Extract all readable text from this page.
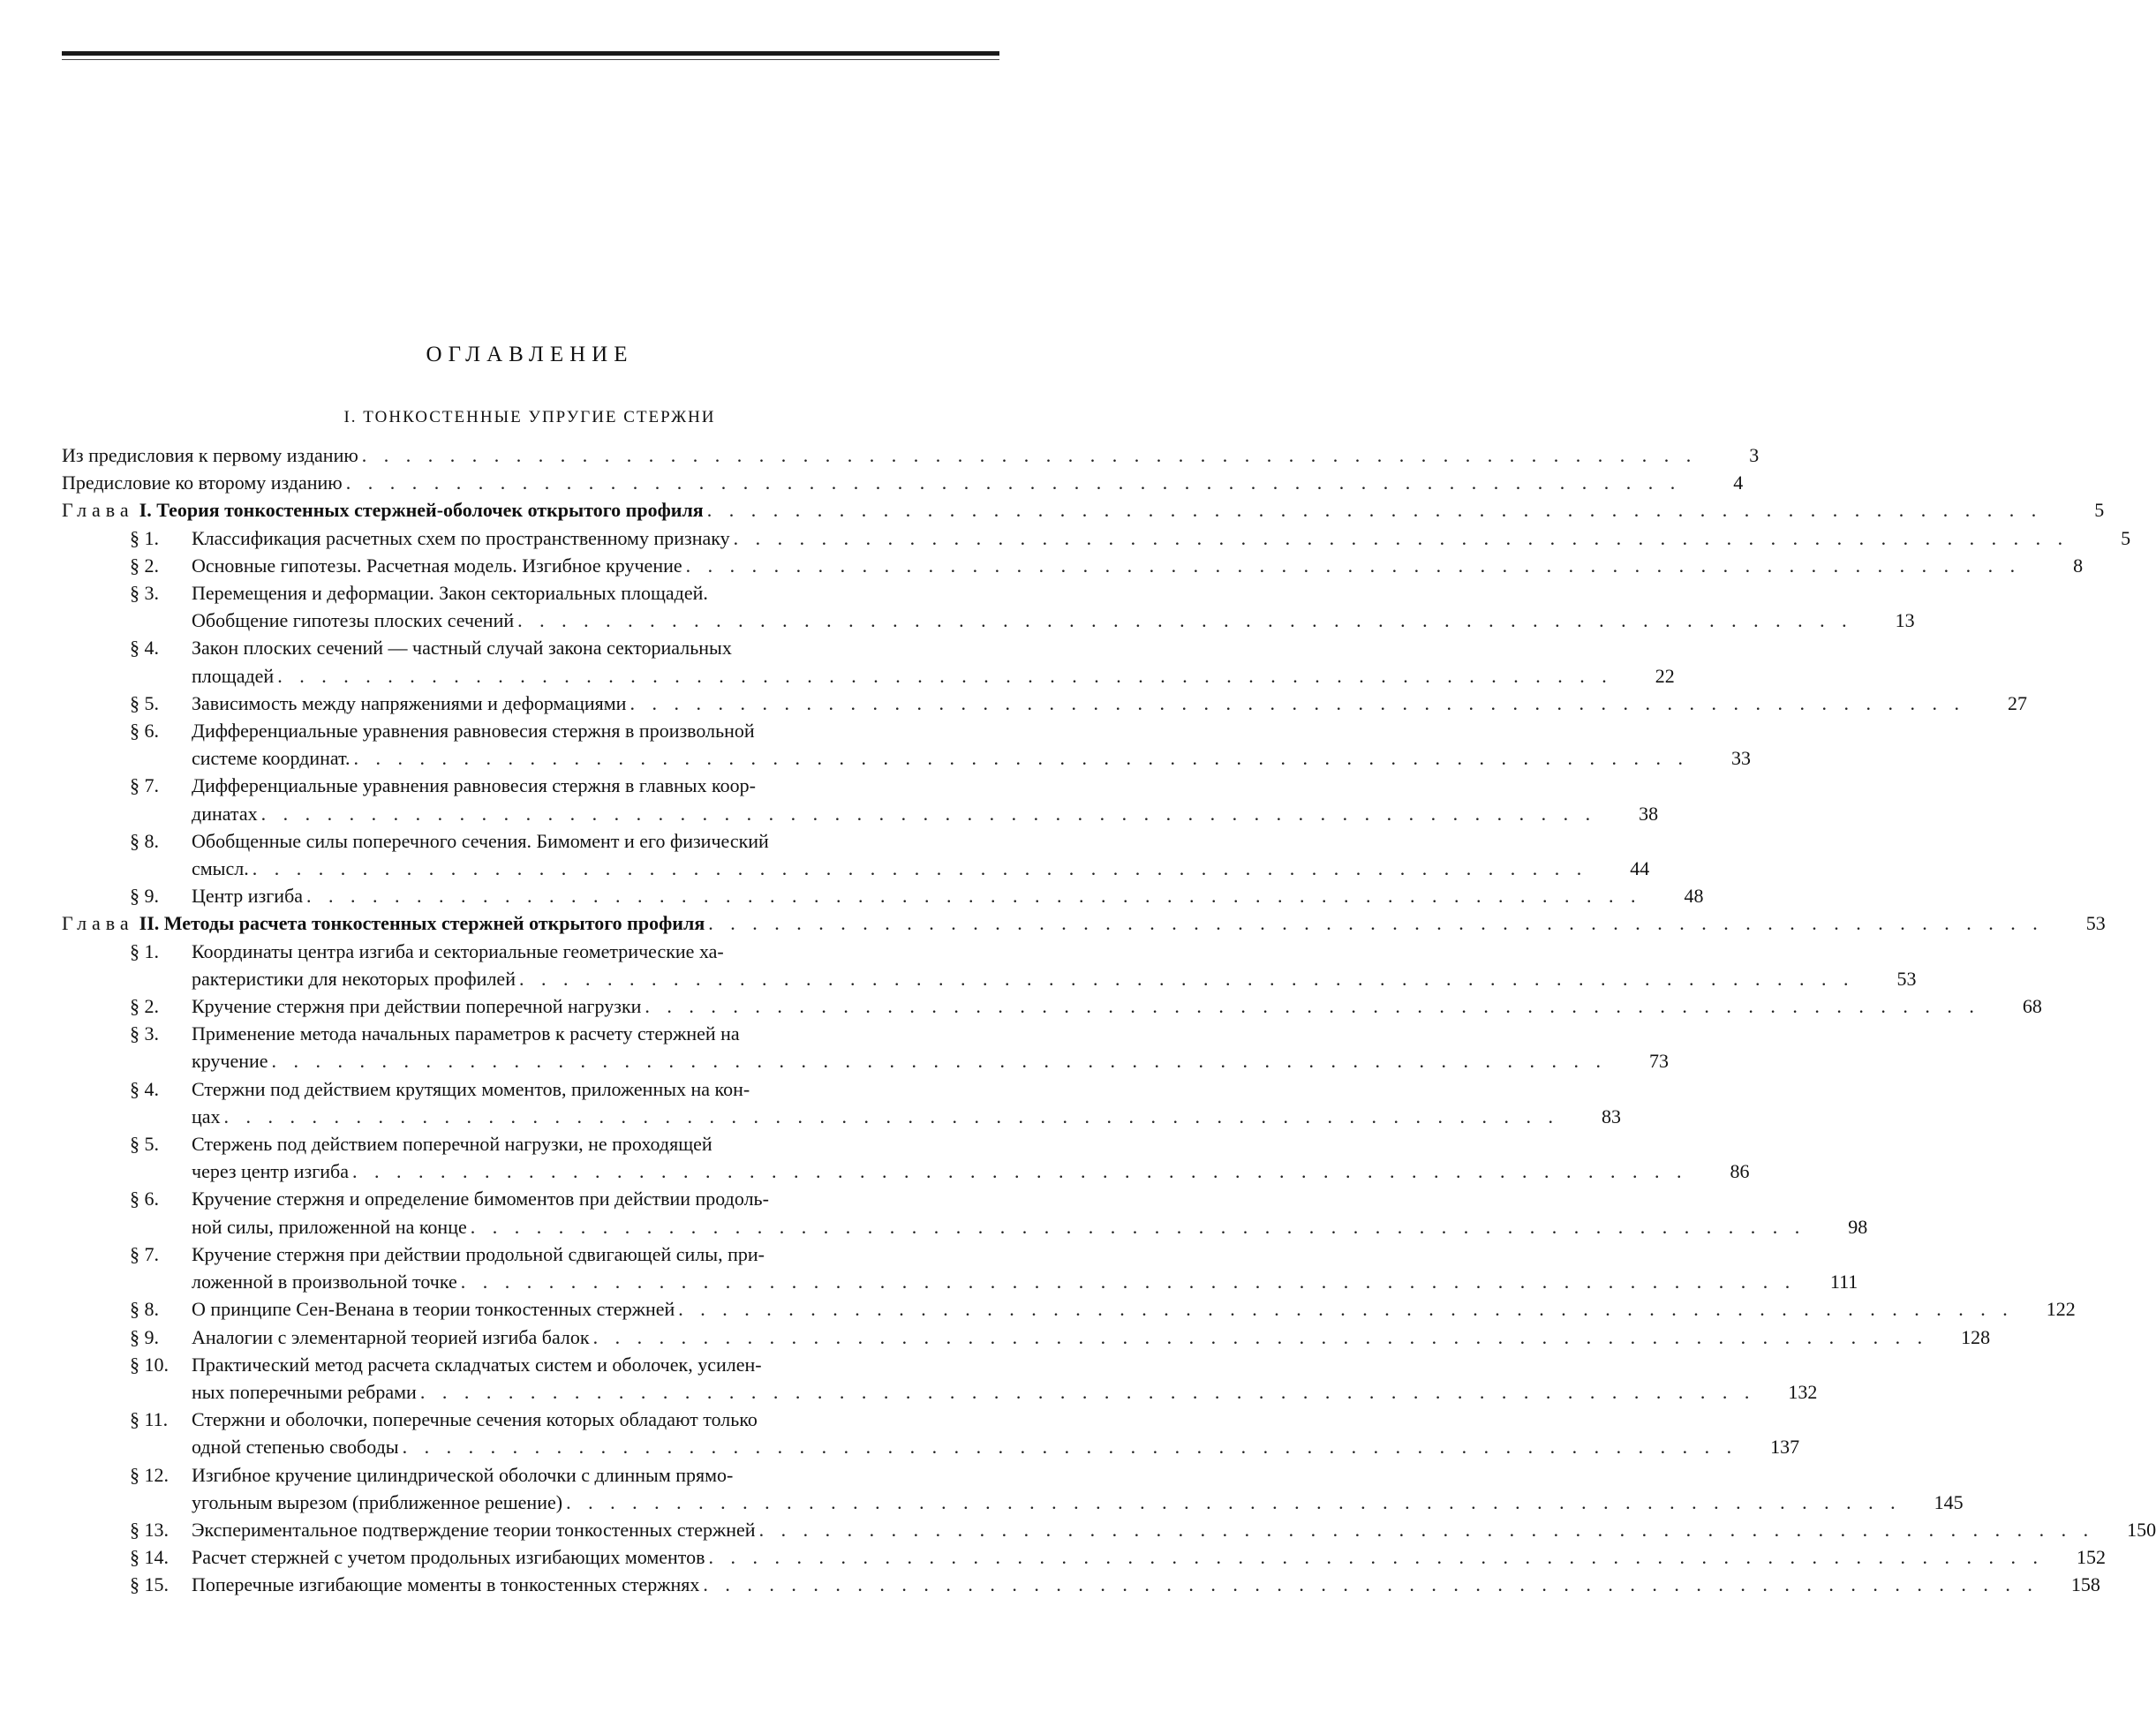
ОГЛАВЛЕНИЕ
I. ТОНКОСТЕННЫЕ УПРУГИЕ СТЕРЖНИ
Из предисловия к первому изданию . . . . . . . . . . . . . . . . . . . . . . . . . . . . . . . . . . . . . . . . . . . . . . . . . . . . . . . . . . . . .	3
Предисловие ко второму изданию . . . . . . . . . . . . . . . . . . . . . . . . . . . . . . . . . . . . . . . . . . . . . . . . . . . . . . . . . . . . .	4
Глава I. Теория тонкостенных стержней-оболочек открытого профиля . . . . . . . . . . . . . . . . . . . . . . . . . . . . . . . . . . . . . . . . . . . . . . . . . . . . . . . . . . . . .	5
§ 1.	Классификация расчетных схем по пространственному признаку . . . . . . . . . . . . . . . . . . . . . . . . . . . . . . . . . . . . . . . . . . . . . . . . . . . . . . . . . . . . .	5
§ 2.	Основные гипотезы. Расчетная модель. Изгибное кручение . . . . . . . . . . . . . . . . . . . . . . . . . . . . . . . . . . . . . . . . . . . . . . . . . . . . . . . . . . . . .	8
§ 3.	Перемещения и деформации. Закон секториальных площадей.
Обобщение гипотезы плоских сечений . . . . . . . . . . . . . . . . . . . . . . . . . . . . . . . . . . . . . . . . . . . . . . . . . . . . . . . . . . . . .	13
§ 4.	Закон плоских сечений — частный случай закона секториальных
площадей . . . . . . . . . . . . . . . . . . . . . . . . . . . . . . . . . . . . . . . . . . . . . . . . . . . . . . . . . . . . .	22
§ 5.	Зависимость между напряжениями и деформациями . . . . . . . . . . . . . . . . . . . . . . . . . . . . . . . . . . . . . . . . . . . . . . . . . . . . . . . . . . . . .	27
§ 6.	Дифференциальные уравнения равновесия стержня в произвольной
системе координат. . . . . . . . . . . . . . . . . . . . . . . . . . . . . . . . . . . . . . . . . . . . . . . . . . . . . . . . . . . . . .	33
§ 7.	Дифференциальные уравнения равновесия стержня в главных коор-
динатах . . . . . . . . . . . . . . . . . . . . . . . . . . . . . . . . . . . . . . . . . . . . . . . . . . . . . . . . . . . . .	38
§ 8.	Обобщенные силы поперечного сечения. Бимомент и его физический
смысл. . . . . . . . . . . . . . . . . . . . . . . . . . . . . . . . . . . . . . . . . . . . . . . . . . . . . . . . . . . . . .	44
§ 9.	Центр изгиба . . . . . . . . . . . . . . . . . . . . . . . . . . . . . . . . . . . . . . . . . . . . . . . . . . . . . . . . . . . . .	48
Глава II. Методы расчета тонкостенных стержней открытого профиля . . . . . . . . . . . . . . . . . . . . . . . . . . . . . . . . . . . . . . . . . . . . . . . . . . . . . . . . . . . . .	53
§ 1.	Координаты центра изгиба и секториальные геометрические ха-
рактеристики для некоторых профилей . . . . . . . . . . . . . . . . . . . . . . . . . . . . . . . . . . . . . . . . . . . . . . . . . . . . . . . . . . . . .	53
§ 2.	Кручение стержня при действии поперечной нагрузки . . . . . . . . . . . . . . . . . . . . . . . . . . . . . . . . . . . . . . . . . . . . . . . . . . . . . . . . . . . . .	68
§ 3.	Применение метода начальных параметров к расчету стержней на
кручение . . . . . . . . . . . . . . . . . . . . . . . . . . . . . . . . . . . . . . . . . . . . . . . . . . . . . . . . . . . . .	73
§ 4.	Стержни под действием крутящих моментов, приложенных на кон-
цах . . . . . . . . . . . . . . . . . . . . . . . . . . . . . . . . . . . . . . . . . . . . . . . . . . . . . . . . . . . . .	83
§ 5.	Стержень под действием поперечной нагрузки, не проходящей
через центр изгиба . . . . . . . . . . . . . . . . . . . . . . . . . . . . . . . . . . . . . . . . . . . . . . . . . . . . . . . . . . . . .	86
§ 6.	Кручение стержня и определение бимоментов при действии продоль-
ной силы, приложенной на конце . . . . . . . . . . . . . . . . . . . . . . . . . . . . . . . . . . . . . . . . . . . . . . . . . . . . . . . . . . . . .	98
§ 7.	Кручение стержня при действии продольной сдвигающей силы, при-
ложенной в произвольной точке . . . . . . . . . . . . . . . . . . . . . . . . . . . . . . . . . . . . . . . . . . . . . . . . . . . . . . . . . . . . .	111
§ 8.	О принципе Сен-Венана в теории тонкостенных стержней . . . . . . . . . . . . . . . . . . . . . . . . . . . . . . . . . . . . . . . . . . . . . . . . . . . . . . . . . . . . .	122
§ 9.	Аналогии с элементарной теорией изгиба балок . . . . . . . . . . . . . . . . . . . . . . . . . . . . . . . . . . . . . . . . . . . . . . . . . . . . . . . . . . . . .	128
§ 10.	Практический метод расчета складчатых систем и оболочек, усилен-
ных поперечными ребрами . . . . . . . . . . . . . . . . . . . . . . . . . . . . . . . . . . . . . . . . . . . . . . . . . . . . . . . . . . . . .	132
§ 11.	Стержни и оболочки, поперечные сечения которых обладают только
одной степенью свободы . . . . . . . . . . . . . . . . . . . . . . . . . . . . . . . . . . . . . . . . . . . . . . . . . . . . . . . . . . . . .	137
§ 12.	Изгибное кручение цилиндрической оболочки с длинным прямо-
угольным вырезом (приближенное решение) . . . . . . . . . . . . . . . . . . . . . . . . . . . . . . . . . . . . . . . . . . . . . . . . . . . . . . . . . . . . .	145
§ 13.	Экспериментальное подтверждение теории тонкостенных стержней . . . . . . . . . . . . . . . . . . . . . . . . . . . . . . . . . . . . . . . . . . . . . . . . . . . . . . . . . . . . .	150
§ 14.	Расчет стержней с учетом продольных изгибающих моментов . . . . . . . . . . . . . . . . . . . . . . . . . . . . . . . . . . . . . . . . . . . . . . . . . . . . . . . . . . . . .	152
§ 15.	Поперечные изгибающие моменты в тонкостенных стержнях . . . . . . . . . . . . . . . . . . . . . . . . . . . . . . . . . . . . . . . . . . . . . . . . . . . . . . . . . . . . .	158
